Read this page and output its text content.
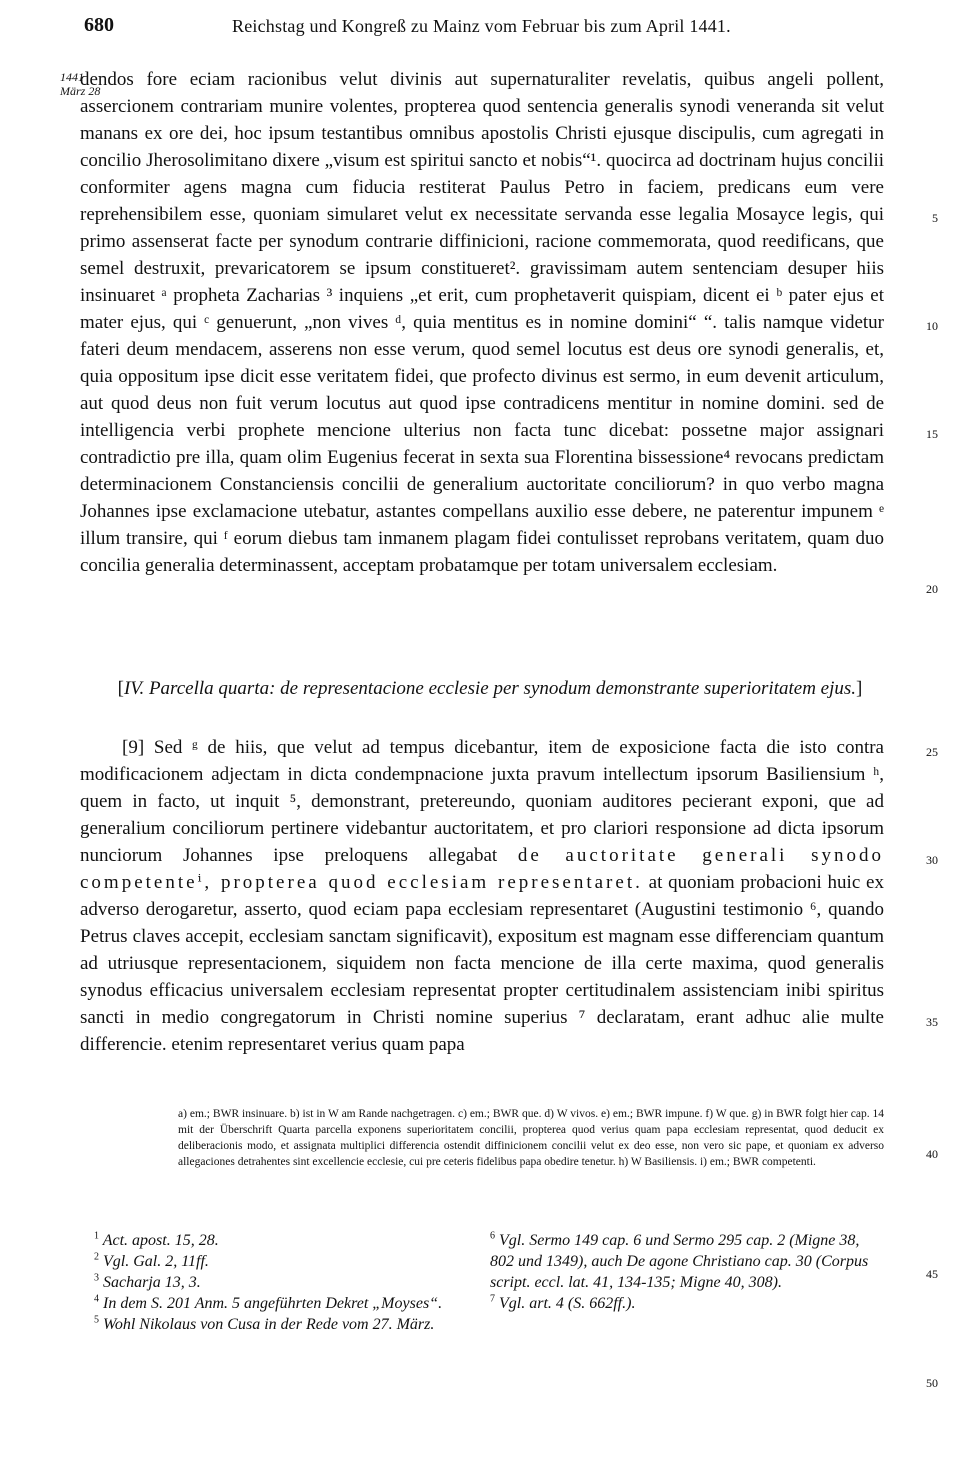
680	Reichstag und Kongreß zu Mainz vom Februar bis zum April 1441.
1441
März 28
5
10
15
20
25
30
35
40
45
50

dendos fore eciam racionibus velut divinis aut supernaturaliter revelatis, quibus angeli pollent, assercionem contrariam munire volentes, propterea quod sentencia generalis synodi veneranda sit velut manans ex ore dei, hoc ipsum testantibus omnibus apostolis Christi ejusque discipulis, cum agregati in concilio Jherosolimitano dixere „visum est spiritui sancto et nobis“¹. quocirca ad doctrinam hujus concilii conformiter agens magna cum fiducia restiterat Paulus Petro in faciem, predicans eum vere reprehensibilem esse, quoniam simularet velut ex necessitate servanda esse legalia Mosayce legis, qui primo assenserat facte per synodum contrarie diffinicioni, racione commemorata, quod reedificans, que semel destruxit, prevaricatorem se ipsum constitueret². gravissimam autem sentenciam desuper hiis insinuaret ᵃ propheta Zacharias ³ inquiens „et erit, cum prophetaverit quispiam, dicent ei ᵇ pater ejus et mater ejus, qui ᶜ genuerunt, „non vives ᵈ, quia mentitus es in nomine domini“ “. talis namque videtur fateri deum mendacem, asserens non esse verum, quod semel locutus est deus ore synodi generalis, et, quia oppositum ipse dicit esse veritatem fidei, que profecto divinus est sermo, in eum devenit articulum, aut quod deus non fuit verum locutus aut quod ipse contradicens mentitur in nomine domini. sed de intelligencia verbi prophete mencione ulterius non facta tunc dicebat: possetne major assignari contradictio pre illa, quam olim Eugenius fecerat in sexta sua Florentina bissessione⁴ revocans predictam determinacionem Constanciensis concilii de generalium auctoritate conciliorum? in quo verbo magna Johannes ipse exclamacione utebatur, astantes compellans auxilio esse debere, ne paterentur impunem ᵉ illum transire, qui ᶠ eorum diebus tam inmanem plagam fidei contulisset reprobans veritatem, quam duo concilia generalia determinassent, acceptam probatamque per totam universalem ecclesiam.

[IV. Parcella quarta: de representacione ecclesie per synodum demonstrante superioritatem ejus.]

[9] Sed ᵍ de hiis, que velut ad tempus dicebantur, item de exposicione facta die isto contra modificacionem adjectam in dicta condempnacione juxta pravum intellectum ipsorum Basiliensium ʰ, quem in facto, ut inquit ⁵, demonstrant, pretereundo, quoniam auditores pecierant exponi, que ad generalium conciliorum pertinere videbantur auctoritatem, et pro clariori responsione ad dicta ipsorum nunciorum Johannes ipse preloquens allegabat de auctoritate generali synodo competenteⁱ, propterea quod ecclesiam representaret. at quoniam probacioni huic ex adverso derogaretur, asserto, quod eciam papa ecclesiam representaret (Augustini testimonio ⁶, quando Petrus claves accepit, ecclesiam sanctam significavit), expositum est magnam esse differenciam quantum ad utriusque representacionem, siquidem non facta mencione de illa certe maxima, quod generalis synodus efficacius universalem ecclesiam representat propter certitudinalem assistenciam inibi spiritus sancti in medio congregatorum in Christi nomine superius ⁷ declaratam, erant adhuc alie multe differencie. etenim representaret verius quam papa

a) em.; BWR insinuare. b) ist in W am Rande nachgetragen. c) em.; BWR que. d) W vivos. e) em.; BWR impune. f) W que. g) in BWR folgt hier cap. 14 mit der Überschrift Quarta parcella exponens superioritatem concilii, propterea quod verius quam papa ecclesiam representat, quod deducit ex deliberacionis modo, et assignata multiplici differencia ostendit diffinicionem concilii velut ex deo esse, non vero sic pape, et quoniam ex adverso allegaciones detrahentes sint excellencie ecclesie, cui pre ceteris fidelibus papa obedire tenetur. h) W Basiliensis. i) em.; BWR competenti.

$^1$ Act. apost. 15, 28.

$^2$ Vgl. Gal. 2, 11ff.

$^3$ Sacharja 13, 3.

$^4$ In dem S. 201 Anm. 5 angeführten Dekret „Moyses“.

$^5$ Wohl Nikolaus von Cusa in der Rede vom 27. März.

$^6$ Vgl. Sermo 149 cap. 6 und Sermo 295 cap. 2 (Migne 38, 802 und 1349), auch De agone Christiano cap. 30 (Corpus script. eccl. lat. 41, 134-135; Migne 40, 308).

$^7$ Vgl. art. 4 (S. 662ff.).
